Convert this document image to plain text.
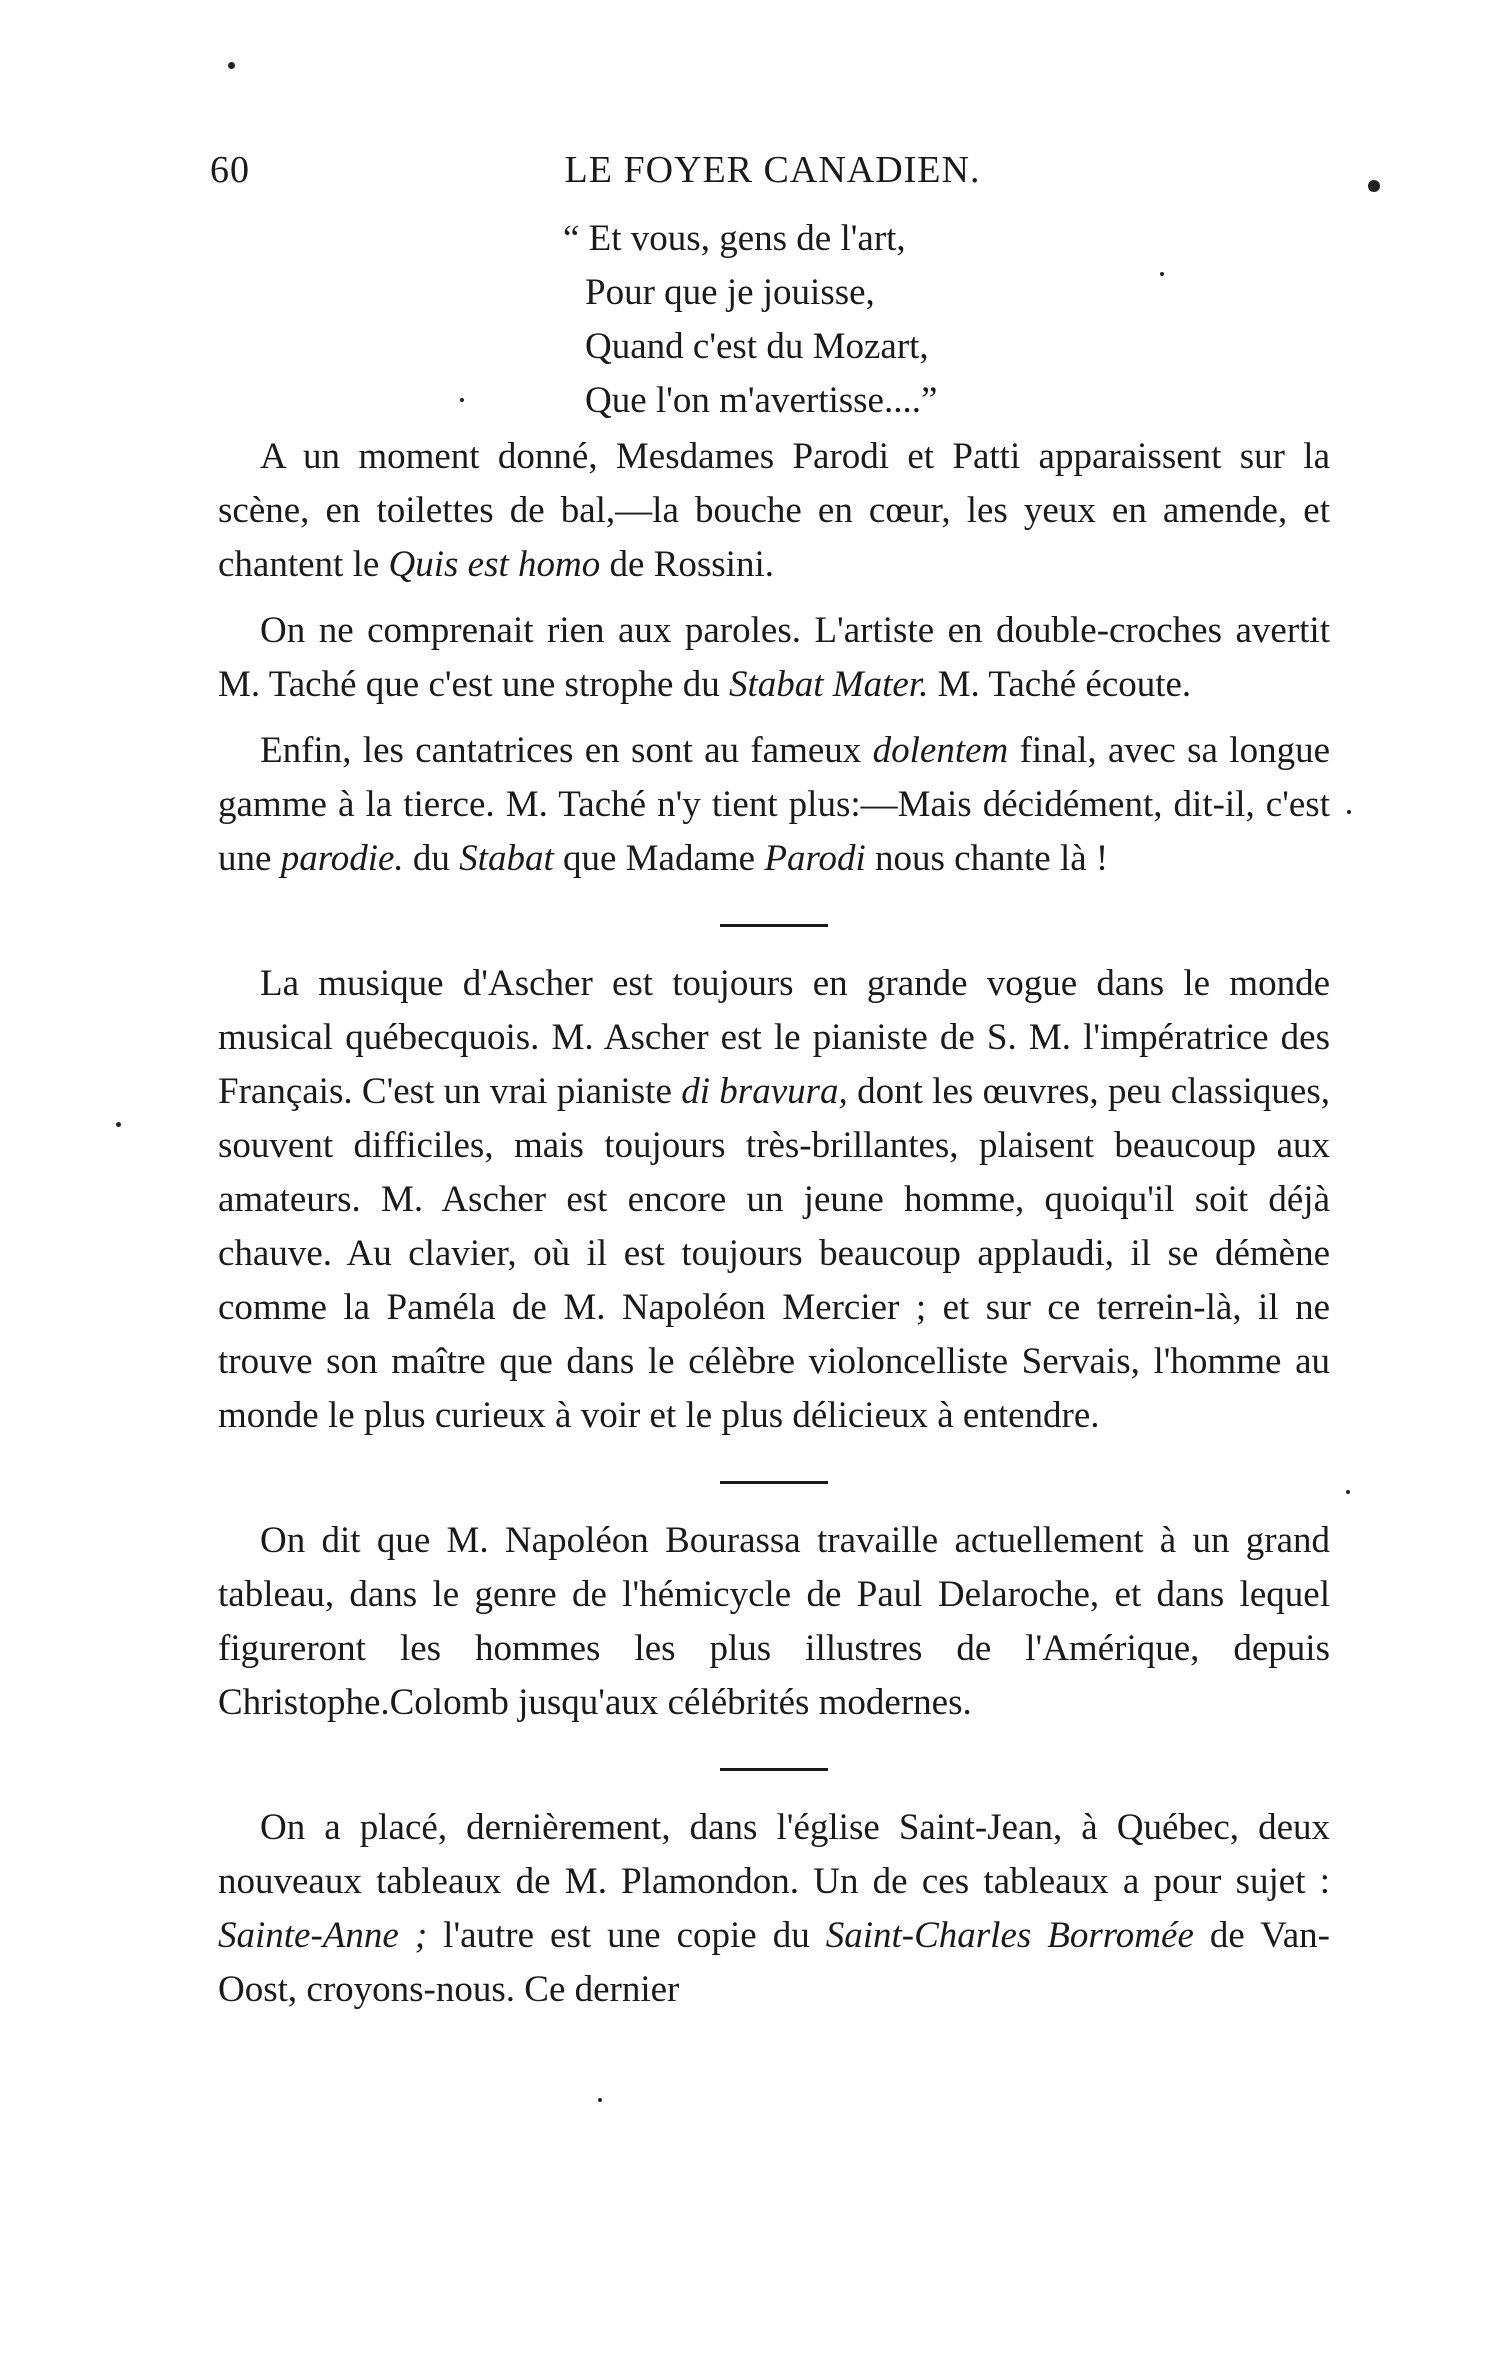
60	LE FOYER CANADIEN.
“ Et vous, gens de l'art,
Pour que je jouisse,
Quand c'est du Mozart,
Que l'on m'avertisse....”

A un moment donné, Mesdames Parodi et Patti apparaissent sur la scène, en toilettes de bal,—la bouche en cœur, les yeux en amende, et chantent le Quis est homo de Rossini.

On ne comprenait rien aux paroles. L'artiste en double-croches avertit M. Taché que c'est une strophe du Stabat Mater. M. Taché écoute.

Enfin, les cantatrices en sont au fameux dolentem final, avec sa longue gamme à la tierce. M. Taché n'y tient plus:—Mais décidément, dit-il, c'est une parodie. du Stabat que Madame Parodi nous chante là !

La musique d'Ascher est toujours en grande vogue dans le monde musical québecquois. M. Ascher est le pianiste de S. M. l'impératrice des Français. C'est un vrai pianiste di bravura, dont les œuvres, peu classiques, souvent difficiles, mais toujours très-brillantes, plaisent beaucoup aux amateurs. M. Ascher est encore un jeune homme, quoiqu'il soit déjà chauve. Au clavier, où il est toujours beaucoup applaudi, il se démène comme la Paméla de M. Napoléon Mercier ; et sur ce terrein-là, il ne trouve son maître que dans le célèbre violoncelliste Servais, l'homme au monde le plus curieux à voir et le plus délicieux à entendre.

On dit que M. Napoléon Bourassa travaille actuellement à un grand tableau, dans le genre de l'hémicycle de Paul Delaroche, et dans lequel figureront les hommes les plus illustres de l'Amérique, depuis Christophe.Colomb jusqu'aux célébrités modernes.

On a placé, dernièrement, dans l'église Saint-Jean, à Québec, deux nouveaux tableaux de M. Plamondon. Un de ces tableaux a pour sujet : Sainte-Anne ; l'autre est une copie du Saint-Charles Borromée de Van-Oost, croyons-nous. Ce dernier
